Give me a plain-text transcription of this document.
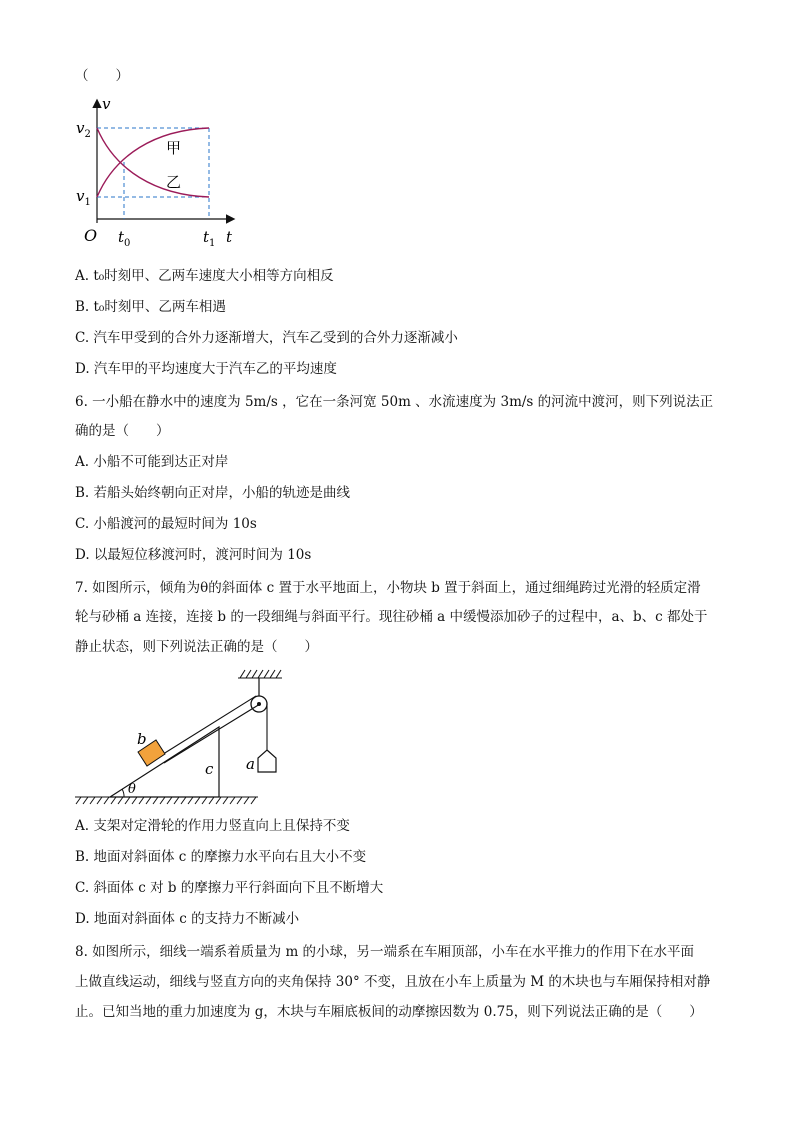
（　　）
v
t
O
$v_2$
$v_1$
$t_0$	$t_1$
甲
乙
A. t₀时刻甲、乙两车速度大小相等方向相反
B. t₀时刻甲、乙两车相遇
C. 汽车甲受到的合外力逐渐增大，汽车乙受到的合外力逐渐减小
D. 汽车甲的平均速度大于汽车乙的平均速度
6. 一小船在静水中的速度为 5m/s ，它在一条河宽 50m 、水流速度为 3m/s 的河流中渡河，则下列说法正
确的是（　　）
A. 小船不可能到达正对岸
B. 若船头始终朝向正对岸，小船的轨迹是曲线
C. 小船渡河的最短时间为 10s
D. 以最短位移渡河时，渡河时间为 10s
7. 如图所示，倾角为θ的斜面体 c 置于水平地面上，小物块 b 置于斜面上，通过细绳跨过光滑的轻质定滑
轮与砂桶 a 连接，连接 b 的一段细绳与斜面平行。现往砂桶 a 中缓慢添加砂子的过程中，a、b、c 都处于
静止状态，则下列说法正确的是（　　）
b
c a
θ
A. 支架对定滑轮的作用力竖直向上且保持不变
B. 地面对斜面体 c 的摩擦力水平向右且大小不变
C. 斜面体 c 对 b 的摩擦力平行斜面向下且不断增大
D. 地面对斜面体 c 的支持力不断减小
8. 如图所示，细线一端系着质量为 m 的小球，另一端系在车厢顶部，小车在水平推力的作用下在水平面
上做直线运动，细线与竖直方向的夹角保持 30° 不变，且放在小车上质量为 M 的木块也与车厢保持相对静
止。已知当地的重力加速度为 g，木块与车厢底板间的动摩擦因数为 0.75，则下列说法正确的是（　　）
